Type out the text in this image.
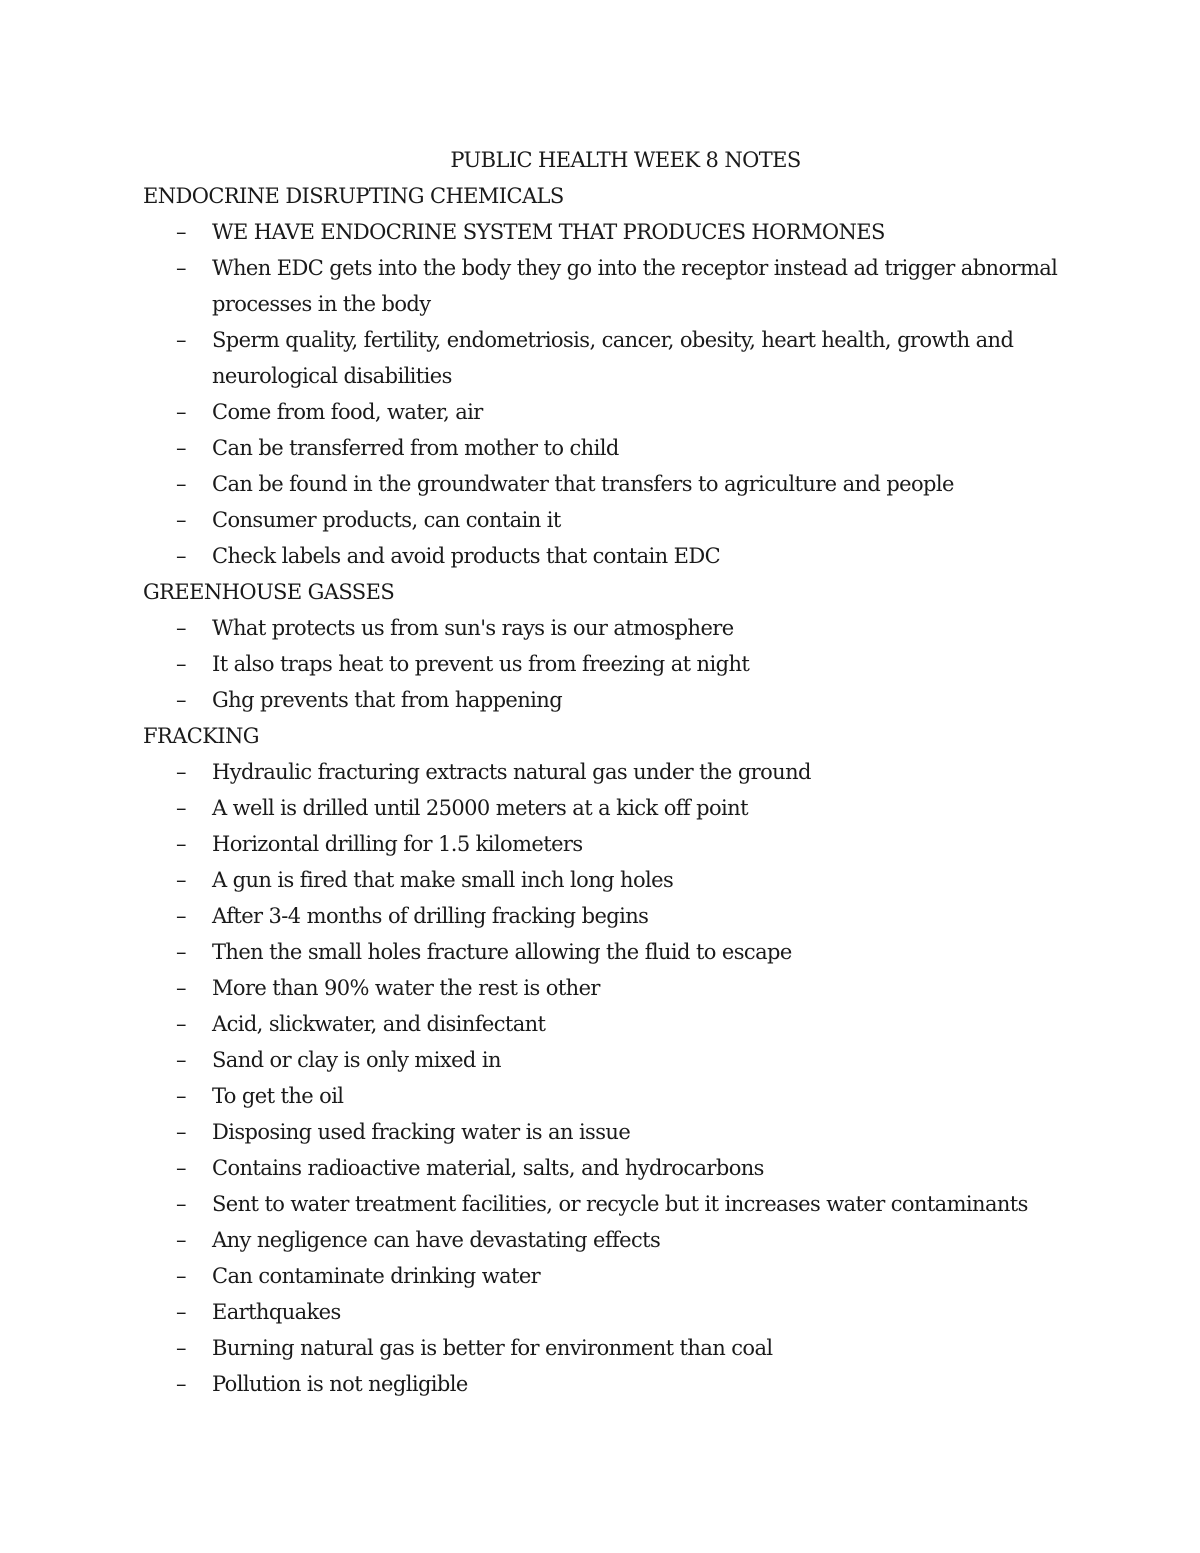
PUBLIC HEALTH WEEK 8 NOTES
ENDOCRINE DISRUPTING CHEMICALS
– WE HAVE ENDOCRINE SYSTEM THAT PRODUCES HORMONES
– When EDC gets into the body they go into the receptor instead ad trigger abnormal processes in the body
– Sperm quality, fertility, endometriosis, cancer, obesity, heart health, growth and neurological disabilities
– Come from food, water, air
– Can be transferred from mother to child
– Can be found in the groundwater that transfers to agriculture and people
– Consumer products, can contain it
– Check labels and avoid products that contain EDC
GREENHOUSE GASSES
– What protects us from sun's rays is our atmosphere
– It also traps heat to prevent us from freezing at night
– Ghg prevents that from happening
FRACKING
– Hydraulic fracturing extracts natural gas under the ground
– A well is drilled until 25000 meters at a kick off point
– Horizontal drilling for 1.5 kilometers
– A gun is fired that make small inch long holes
– After 3-4 months of drilling fracking begins
– Then the small holes fracture allowing the fluid to escape
– More than 90% water the rest is other
– Acid, slickwater, and disinfectant
– Sand or clay is only mixed in
– To get the oil
– Disposing used fracking water is an issue
– Contains radioactive material, salts, and hydrocarbons
– Sent to water treatment facilities, or recycle but it increases water contaminants
– Any negligence can have devastating effects
– Can contaminate drinking water
– Earthquakes
– Burning natural gas is better for environment than coal
– Pollution is not negligible
